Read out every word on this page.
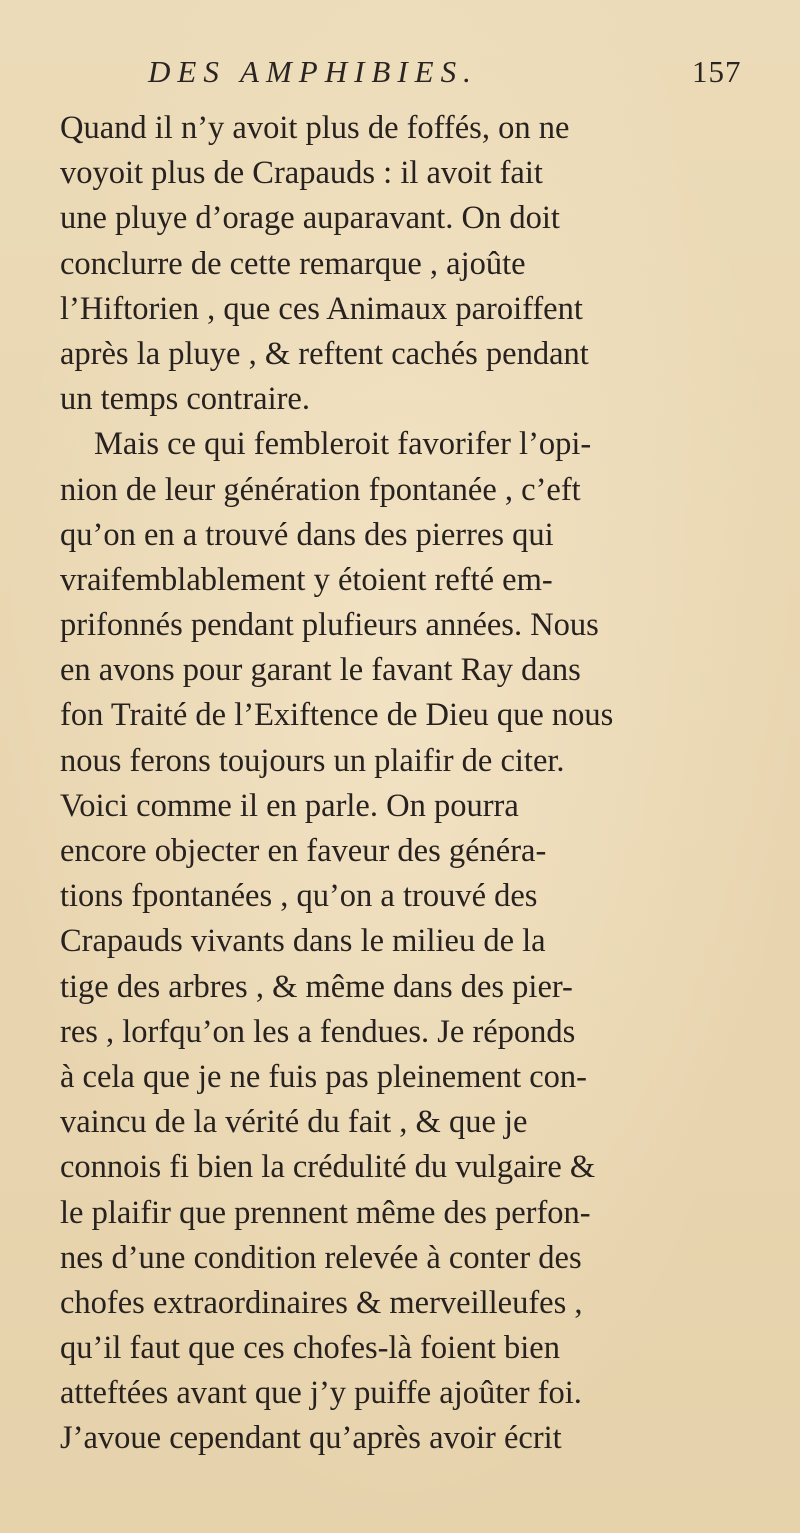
DES AMPHIBIES.	157
Quand il n’y avoit plus de foffés, on ne
voyoit plus de Crapauds : il avoit fait
une pluye d’orage auparavant. On doit
conclurre de cette remarque , ajoûte
l’Hiftorien , que ces Animaux paroiffent
après la pluye , & reftent cachés pendant
un temps contraire.
Mais ce qui fembleroit favorifer l’opi-
nion de leur génération fpontanée , c’eft
qu’on en a trouvé dans des pierres qui
vraifemblablement y étoient refté em-
prifonnés pendant plufieurs années. Nous
en avons pour garant le favant Ray dans
fon Traité de l’Exiftence de Dieu que nous
nous ferons toujours un plaifir de citer.
Voici comme il en parle. On pourra
encore objecter en faveur des généra-
tions fpontanées , qu’on a trouvé des
Crapauds vivants dans le milieu de la
tige des arbres , & même dans des pier-
res , lorfqu’on les a fendues. Je réponds
à cela que je ne fuis pas pleinement con-
vaincu de la vérité du fait , & que je
connois fi bien la crédulité du vulgaire &
le plaifir que prennent même des perfon-
nes d’une condition relevée à conter des
chofes extraordinaires & merveilleufes ,
qu’il faut que ces chofes-là foient bien
atteftées avant que j’y puiffe ajoûter foi.
J’avoue cependant qu’après avoir écrit
